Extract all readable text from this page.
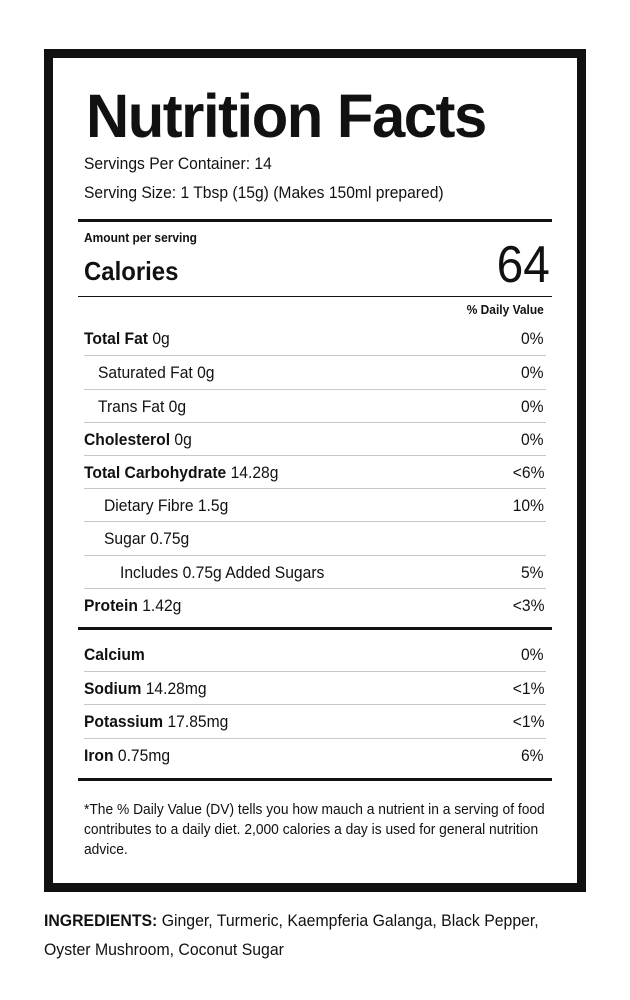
Nutrition Facts
Servings Per Container: 14
Serving Size: 1 Tbsp (15g) (Makes 150ml prepared)
Amount per serving
Calories	64
% Daily Value
Total Fat 0g	0%
Saturated Fat 0g	0%
Trans Fat 0g	0%
Cholesterol 0g	0%
Total Carbohydrate 14.28g	<6%
Dietary Fibre 1.5g	10%
Sugar 0.75g
Includes 0.75g Added Sugars	5%
Protein 1.42g	<3%
Calcium	0%
Sodium 14.28mg	<1%
Potassium 17.85mg	<1%
Iron 0.75mg	6%
*The % Daily Value (DV) tells you how mauch a nutrient in a serving of food contributes to a daily diet. 2,000 calories a day is used for general nutrition advice.
INGREDIENTS: Ginger, Turmeric, Kaempferia Galanga, Black Pepper, Oyster Mushroom, Coconut Sugar
